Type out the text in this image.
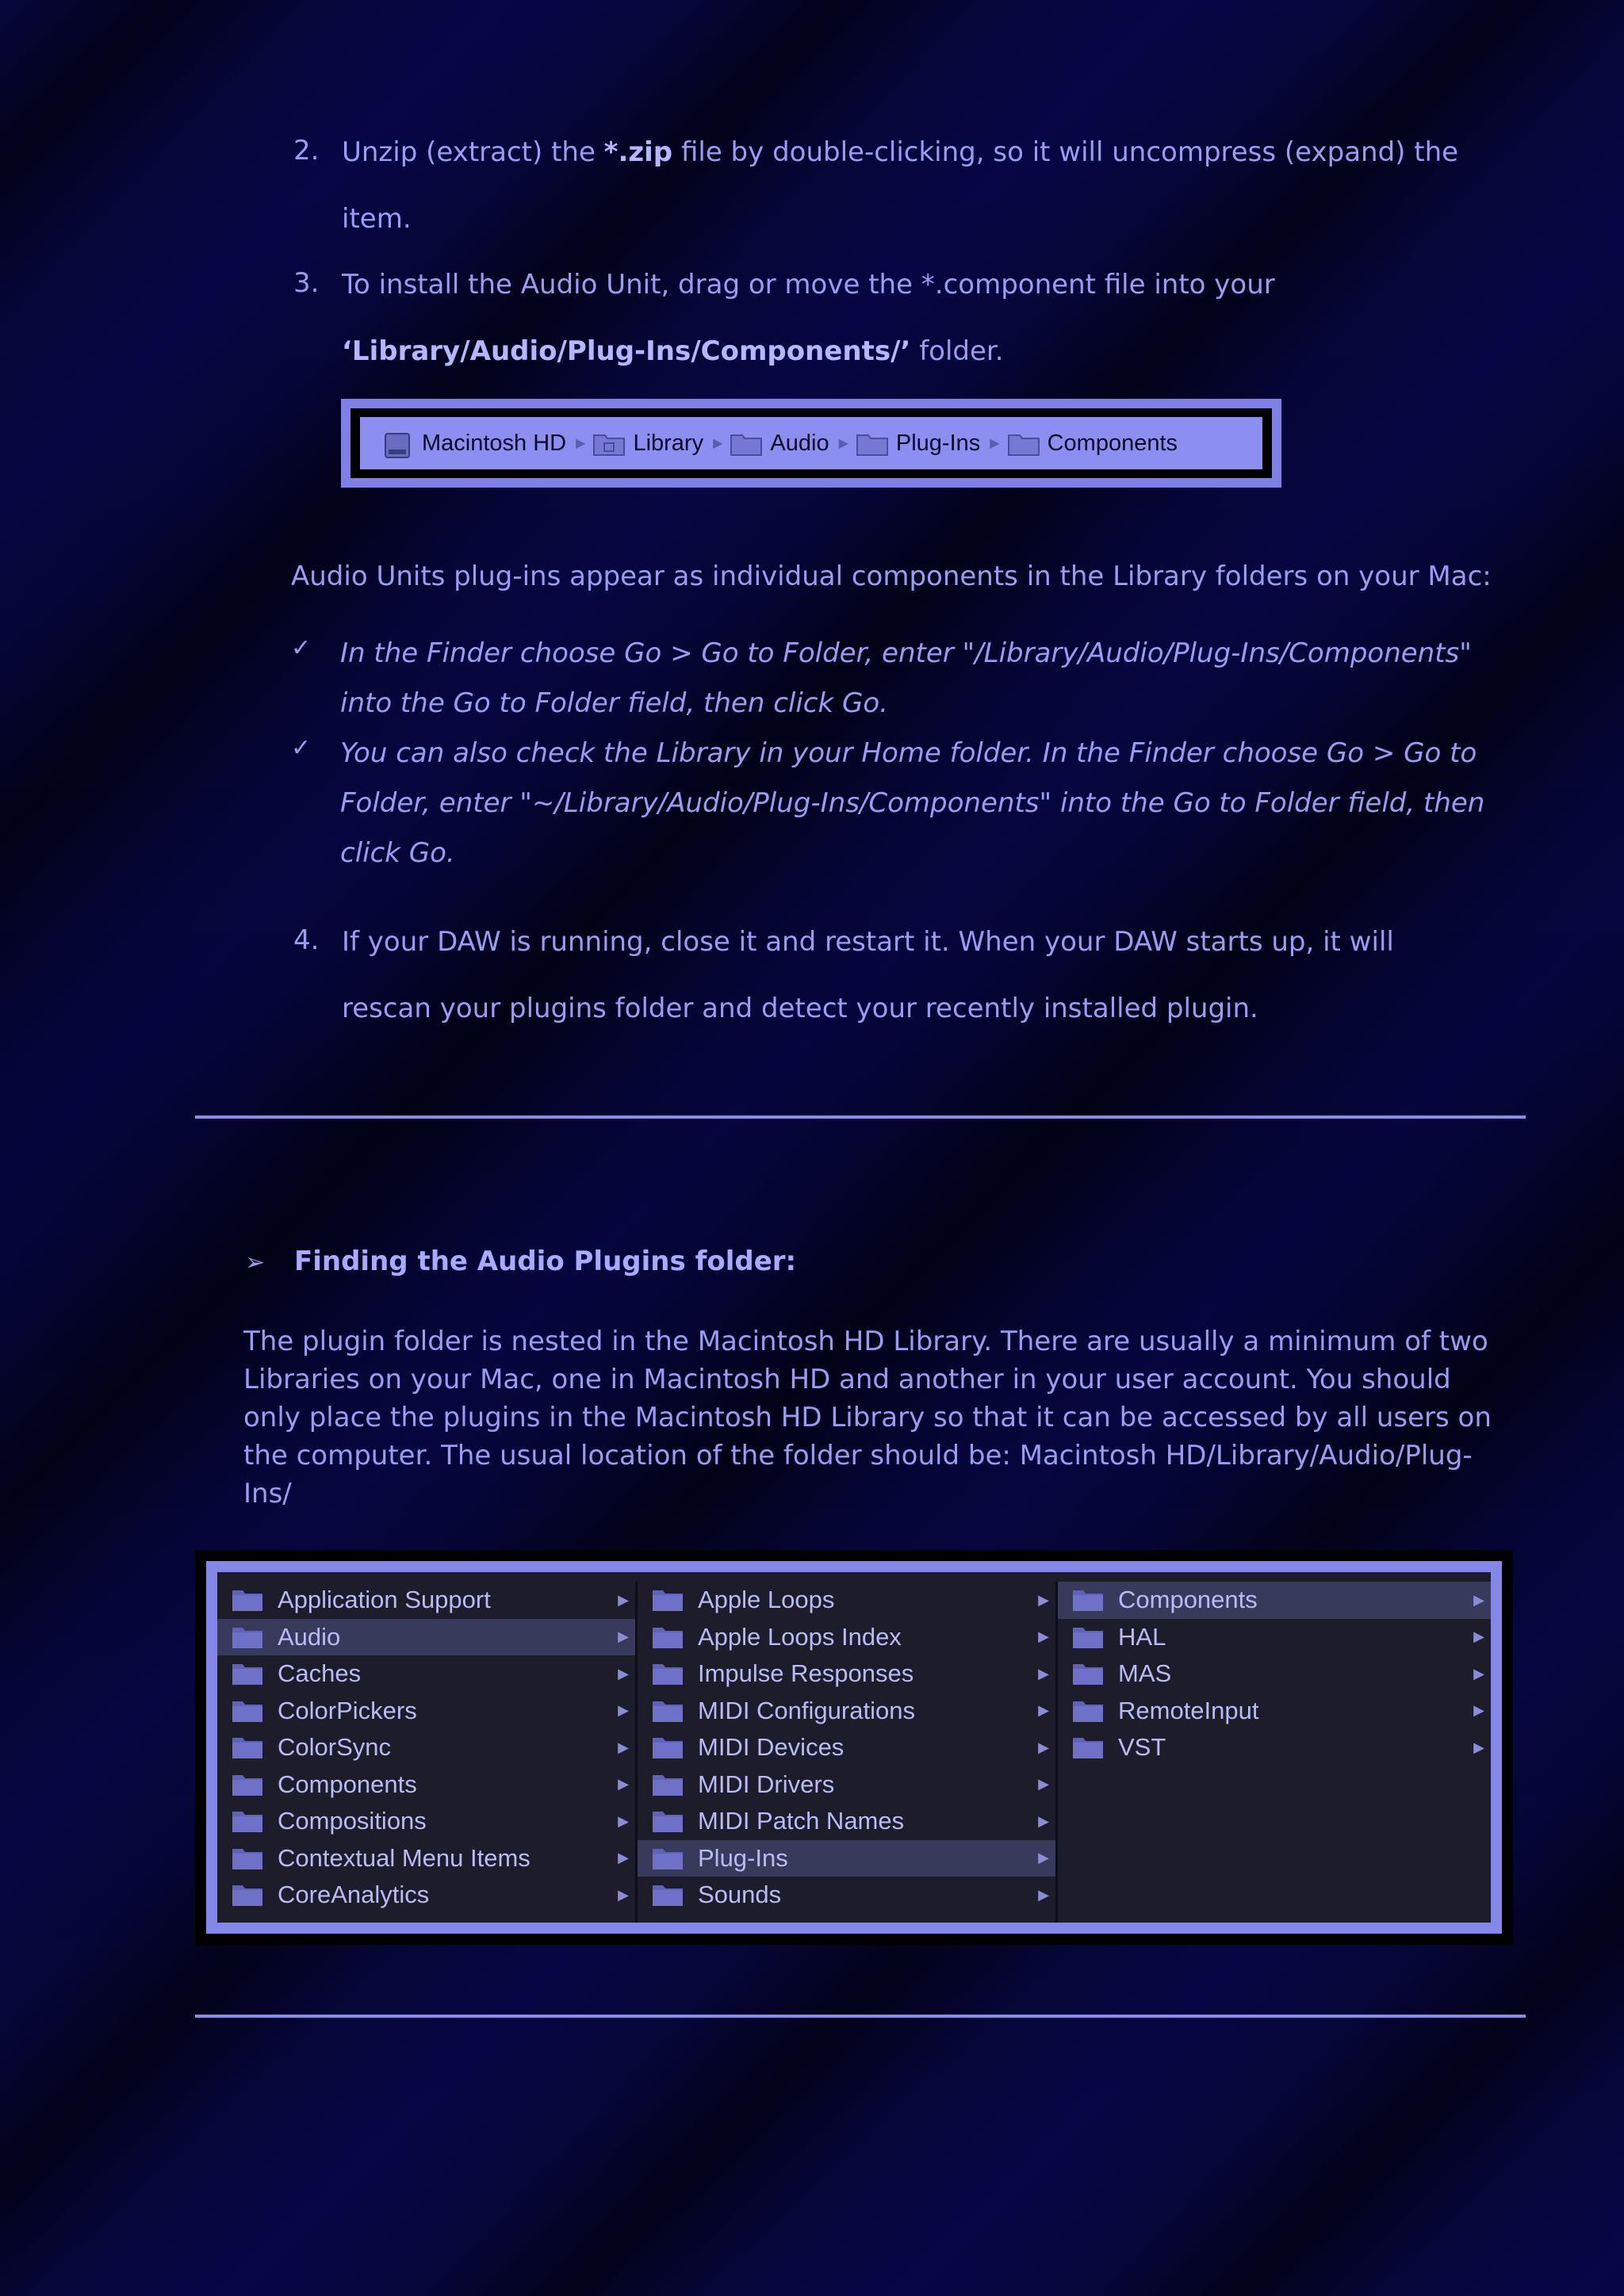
2. Unzip (extract) the *.zip file by double-clicking, so it will uncompress (expand) the
item.
3. To install the Audio Unit, drag or move the *.component file into your
‘Library/Audio/Plug-Ins/Components/’ folder.
Macintosh HD ▶ Library ▶ Audio ▶ Plug-Ins ▶ Components
Audio Units plug-ins appear as individual components in the Library folders on your Mac:
✓ In the Finder choose Go > Go to Folder, enter "/Library/Audio/Plug-Ins/Components"
into the Go to Folder field, then click Go.
✓ You can also check the Library in your Home folder. In the Finder choose Go > Go to
Folder, enter "~/Library/Audio/Plug-Ins/Components" into the Go to Folder field, then
click Go.
4. If your DAW is running, close it and restart it. When your DAW starts up, it will
rescan your plugins folder and detect your recently installed plugin.
➢ Finding the Audio Plugins folder:
The plugin folder is nested in the Macintosh HD Library. There are usually a minimum of two
Libraries on your Mac, one in Macintosh HD and another in your user account. You should
only place the plugins in the Macintosh HD Library so that it can be accessed by all users on
the computer. The usual location of the folder should be: Macintosh HD/Library/Audio/Plug-
Ins/
Application Support	▶
Audio	▶
Caches	▶
ColorPickers	▶
ColorSync	▶
Components	▶
Compositions	▶
Contextual Menu Items	▶
CoreAnalytics	▶
Apple Loops	▶
Apple Loops Index	▶
Impulse Responses	▶
MIDI Configurations	▶
MIDI Devices	▶
MIDI Drivers	▶
MIDI Patch Names	▶
Plug-Ins	▶
Sounds	▶
Components	▶
HAL	▶
MAS	▶
RemoteInput	▶
VST	▶
